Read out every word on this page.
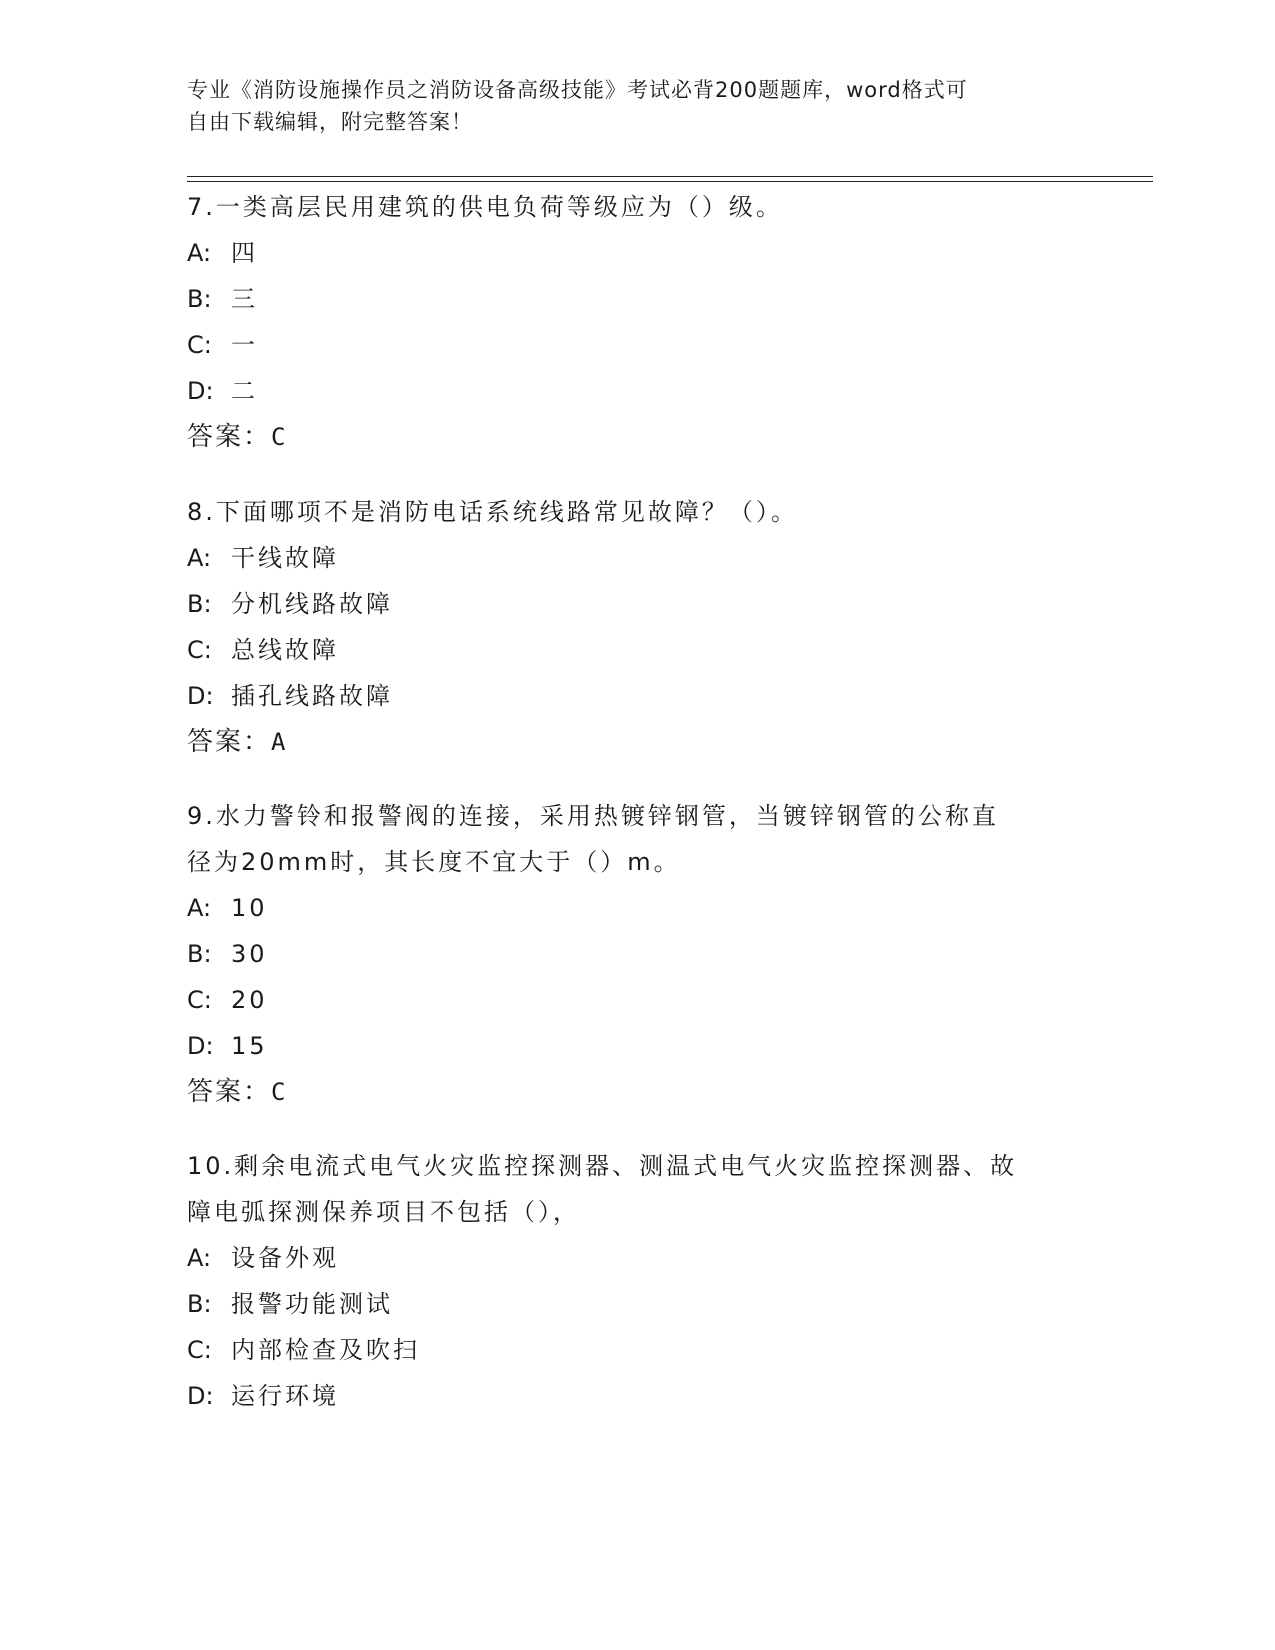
专业《消防设施操作员之消防设备高级技能》考试必背200题题库，word格式可
自由下载编辑，附完整答案！

7.一类高层民用建筑的供电负荷等级应为（）级。

A: 四

B: 三

C: 一

D: 二

答案：C

8.下面哪项不是消防电话系统线路常见故障？（）。

A: 干线故障

B: 分机线路故障

C: 总线故障

D: 插孔线路故障

答案：A

9.水力警铃和报警阀的连接，采用热镀锌钢管，当镀锌钢管的公称直

径为20mm时，其长度不宜大于（）m。

A: 10

B: 30

C: 20

D: 15

答案：C

10.剩余电流式电气火灾监控探测器、测温式电气火灾监控探测器、故

障电弧探测保养项目不包括（），

A: 设备外观

B: 报警功能测试

C: 内部检查及吹扫

D: 运行环境
